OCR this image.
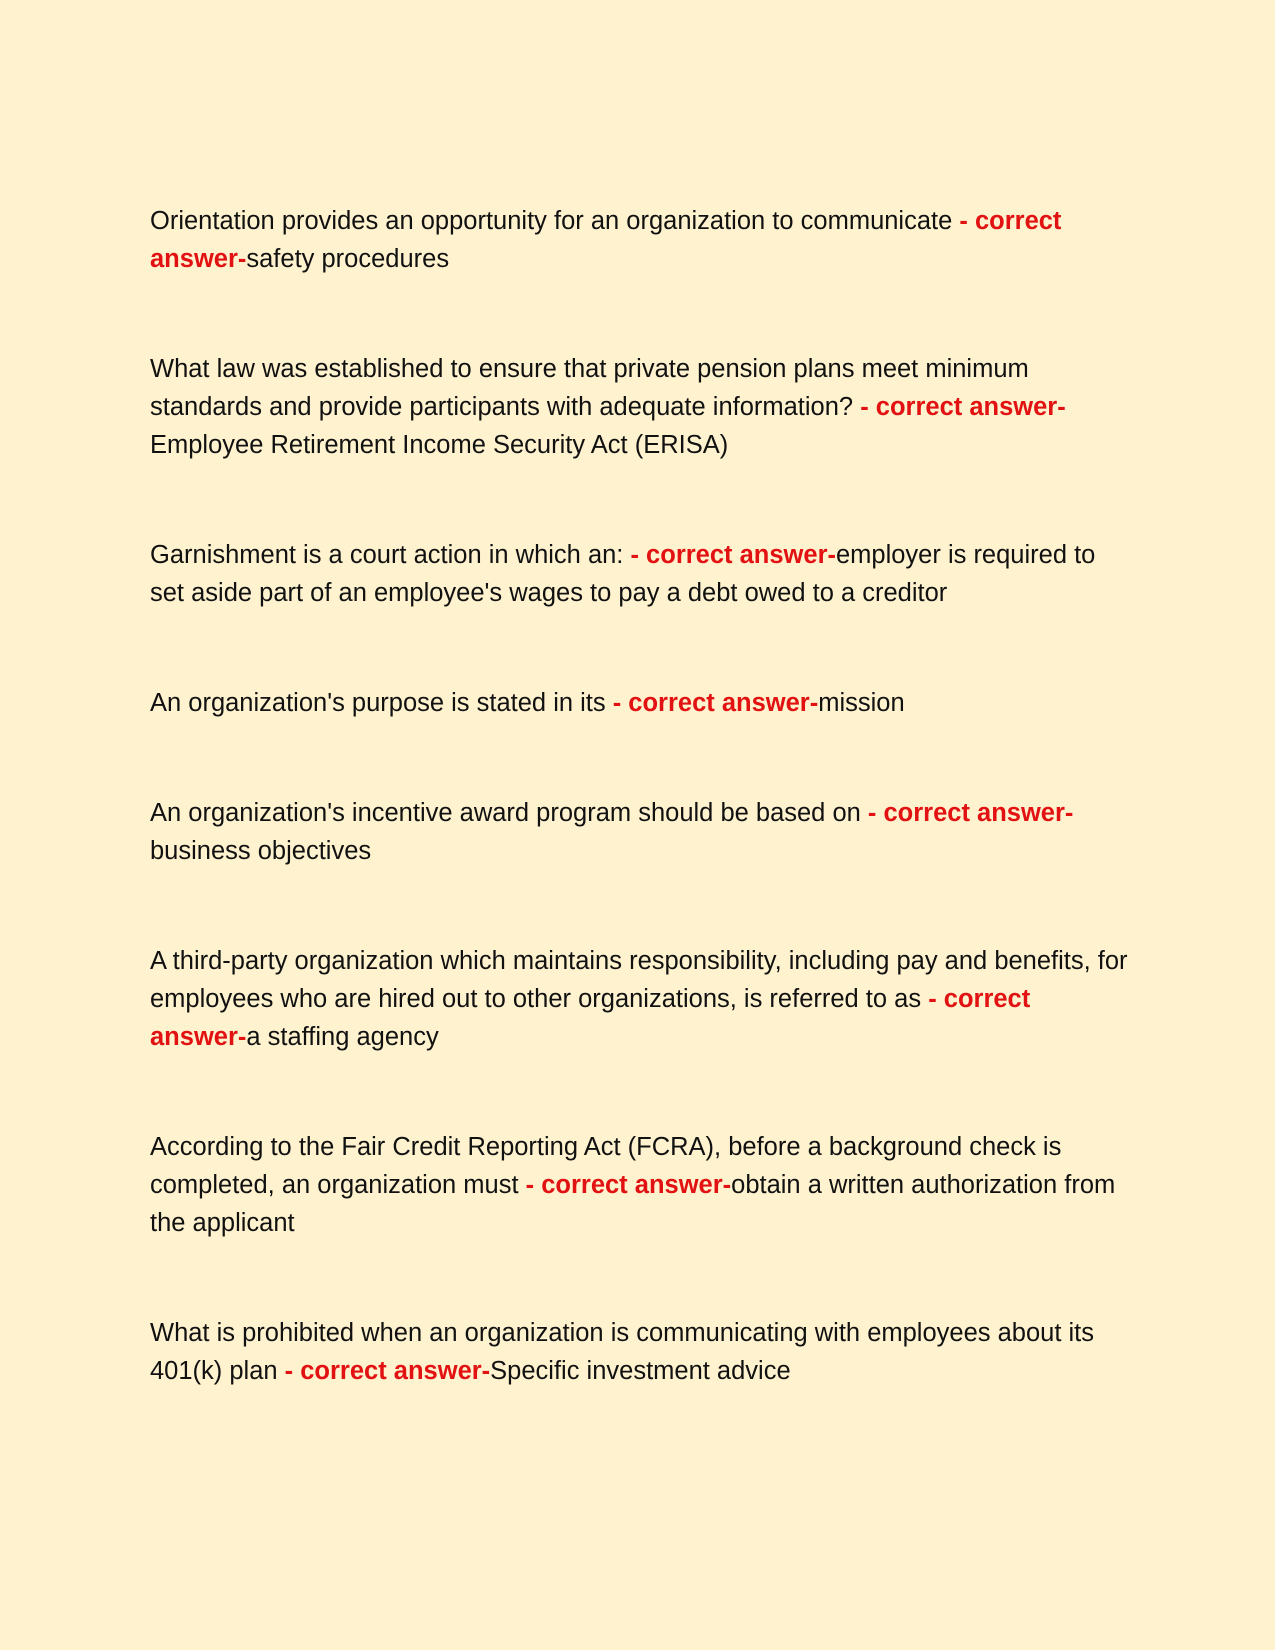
Orientation provides an opportunity for an organization to communicate - correct answer-safety procedures

What law was established to ensure that private pension plans meet minimum standards and provide participants with adequate information? - correct answer-Employee Retirement Income Security Act (ERISA)

Garnishment is a court action in which an: - correct answer-employer is required to set aside part of an employee's wages to pay a debt owed to a creditor

An organization's purpose is stated in its - correct answer-mission

An organization's incentive award program should be based on - correct answer-business objectives

A third-party organization which maintains responsibility, including pay and benefits, for employees who are hired out to other organizations, is referred to as - correct answer-a staffing agency

According to the Fair Credit Reporting Act (FCRA), before a background check is completed, an organization must - correct answer-obtain a written authorization from the applicant

What is prohibited when an organization is communicating with employees about its 401(k) plan - correct answer-Specific investment advice
